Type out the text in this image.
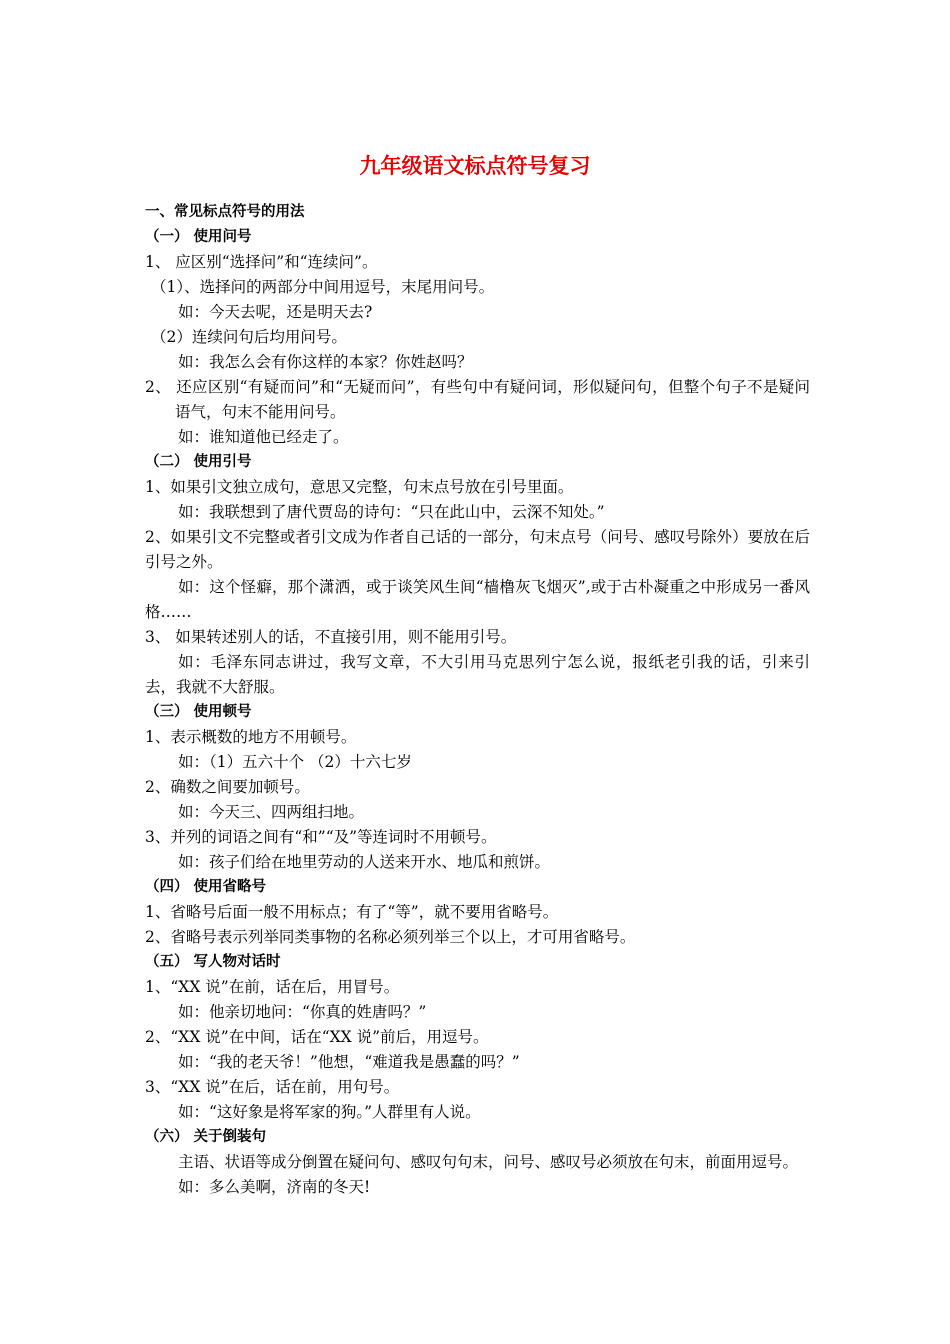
九年级语文标点符号复习
一、常见标点符号的用法
（一） 使用问号
1、 应区别“选择问”和“连续问”。
（1）、选择问的两部分中间用逗号，末尾用问号。
如：今天去呢，还是明天去?
（2）连续问句后均用问号。
如：我怎么会有你这样的本家？你姓赵吗？
2、 还应区别“有疑而问”和“无疑而问”，有些句中有疑问词，形似疑问句，但整个句子不是疑问语气，句末不能用问号。
如：谁知道他已经走了。
（二） 使用引号
1、如果引文独立成句，意思又完整，句末点号放在引号里面。
如：我联想到了唐代贾岛的诗句：“只在此山中，云深不知处。”
2、如果引文不完整或者引文成为作者自己话的一部分，句末点号（问号、感叹号除外）要放在后引号之外。
如：这个怪癖，那个潇洒，或于谈笑风生间“樯橹灰飞烟灭”,或于古朴凝重之中形成另一番风格……
3、 如果转述别人的话，不直接引用，则不能用引号。
如：毛泽东同志讲过，我写文章，不大引用马克思列宁怎么说，报纸老引我的话，引来引去，我就不大舒服。
（三） 使用顿号
1、表示概数的地方不用顿号。
如：（1）五六十个 （2）十六七岁
2、确数之间要加顿号。
如：今天三、四两组扫地。
3、并列的词语之间有“和”“及”等连词时不用顿号。
如：孩子们给在地里劳动的人送来开水、地瓜和煎饼。
（四） 使用省略号
1、省略号后面一般不用标点；有了“等”，就不要用省略号。
2、省略号表示列举同类事物的名称必须列举三个以上，才可用省略号。
（五） 写人物对话时
1、“XX 说”在前，话在后，用冒号。
如：他亲切地问：“你真的姓唐吗？”
2、“XX 说”在中间，话在“XX 说”前后，用逗号。
如：“我的老天爷！”他想，“难道我是愚蠢的吗？”
3、“XX 说”在后，话在前，用句号。
如：“这好象是将军家的狗。”人群里有人说。
（六） 关于倒装句
主语、状语等成分倒置在疑问句、感叹句句末，问号、感叹号必须放在句末，前面用逗号。
如：多么美啊，济南的冬天!
